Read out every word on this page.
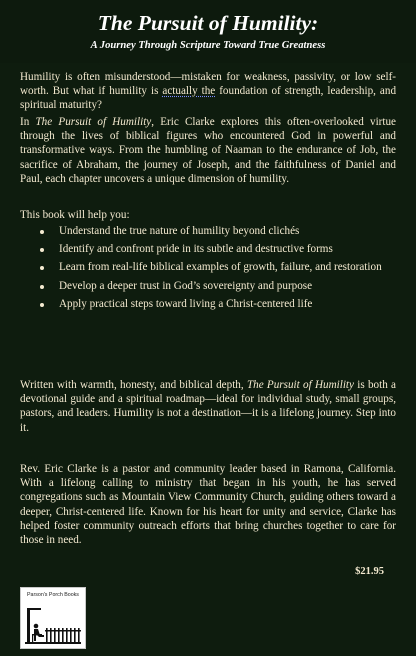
The Pursuit of Humility:
A Journey Through Scripture Toward True Greatness
Humility is often misunderstood—mistaken for weakness, passivity, or low self-worth. But what if humility is actually the foundation of strength, leadership, and spiritual maturity?
In The Pursuit of Humility, Eric Clarke explores this often-overlooked virtue through the lives of biblical figures who encountered God in powerful and transformative ways. From the humbling of Naaman to the endurance of Job, the sacrifice of Abraham, the journey of Joseph, and the faithfulness of Daniel and Paul, each chapter uncovers a unique dimension of humility.
This book will help you:
Understand the true nature of humility beyond clichés
Identify and confront pride in its subtle and destructive forms
Learn from real-life biblical examples of growth, failure, and restoration
Develop a deeper trust in God’s sovereignty and purpose
Apply practical steps toward living a Christ-centered life
Written with warmth, honesty, and biblical depth, The Pursuit of Humility is both a devotional guide and a spiritual roadmap—ideal for individual study, small groups, pastors, and leaders. Humility is not a destination—it is a lifelong journey. Step into it.
Rev. Eric Clarke is a pastor and community leader based in Ramona, California. With a lifelong calling to ministry that began in his youth, he has served congregations such as Mountain View Community Church, guiding others toward a deeper, Christ-centered life. Known for his heart for unity and service, Clarke has helped foster community outreach efforts that bring churches together to care for those in need.
$21.95
Parson's Porch Books
